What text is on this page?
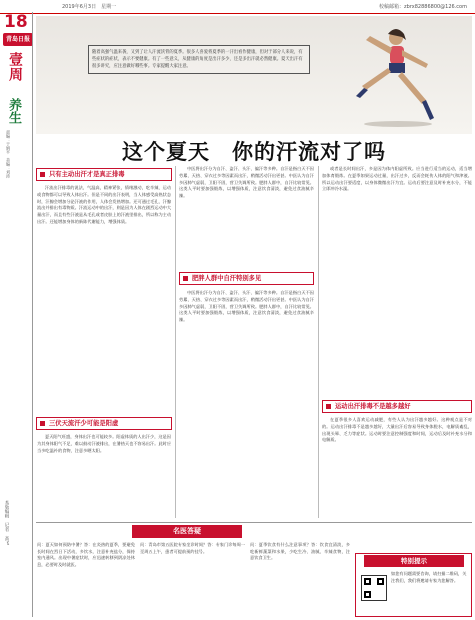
2019年6月3日　星期一	校稿邮箱：zbrx82886800@126.com
18
青岛日报
壹周
养生
责编：于娟平　美编：刘沛
本版编辑　记者　高飞
随着高强气温来袭，又到了让人汗流浃背的夏季。很多人喜爱将夏季的一汗出看作健康，但对于部分人来说，有些症状的症状，表示不要健康。有了一些意义，从健康的角度是出汗多少，还是多出汗就必然健康。夏天出汗有很多讲究，应注意做好哪些事。专家提醒大家注意。
这个夏天　你的汗流对了吗
只有主动出汗才是真正排毒

汗流出汗排毒的说法，气温高，精神紧张，情绪激动，吃辛辣、运动或食物都可以导致人体出汗。但是不同的出汗表明，当人体感受高热状态时，汗腺会增加分泌汗液的作用，人体会发热增加。还可通过毛孔、汗腺流出并排出有毒物质。汗流运动中的出汗，则是因为人体在剧烈运动中大量出汗，而且有些汗液是从毛孔或者皮肤上的汗液里排出，所以称为主动出汗。还能增加身体的新陈代谢能力，增强体质。

三伏天流汗少可能是阳虚

夏天阳气旺盛，身体出汗也可能较多。阳虚体质的人出汗少，这是因为其身体阳气不足，难以鼓动汗液排出，在暑热天也不容易出汗。此时应当多吃温补的食物，注意多晒太阳。

中医将出汗分为自汗、盗汗、头汗、偏汗等多种。自汗是指白天不因劳累、天热、穿衣过多等因素而出汗，稍微活动汗出更甚。中医认为自汗多因肺气虚弱，卫阳不固，营卫失调所致。肥胖人群中，自汗比较常见。这类人平时要加强锻炼，以增强体质，注意饮食清淡，避免过食油腻辛辣。

肥胖人群中自汗特别多见

中医将出汗分为自汗、盗汗、头汗、偏汗等多种。自汗是指白天不因劳累、天热、穿衣过多等因素而出汗，稍微活动汗出更甚。中医认为自汗多因肺气虚弱，卫阳不固，营卫失调所致。肥胖人群中，自汗比较常见。这类人平时要加强锻炼，以增强体质，注意饮食清淡，避免过食油腻辛辣。

或者是长时间出汗，多是因为体内阳虚所致。应当进行适当的运动，适当增加体育锻炼。在夏季如果运动过量，出汗过多，反而会耗伤人体的阳气和津液。所以运动出汗要适度，以身体微微出汗为宜。运动后要注意及时补充水分，不能立即冲冷水澡。

运动出汗排毒不是越多越好

在夏季很多人喜欢运动减肥，有些人认为出汗越多越好。这种观点是不对的。运动出汗排毒不是越多越好，大量出汗后容易导致身体脱水，电解质紊乱，出现头晕、乏力等症状。运动时要注意控制强度和时间，运动后及时补充水分和电解质。

名医答疑
问：夏天如何预防中暑？答：在炎热的夏季，要避免长时间在烈日下活动，多饮水，注意补充盐分，保持室内通风。出现中暑症状时，应迅速转移到阴凉处休息，必要时及时就医。
问：青岛市第五医院专家坐诊时间？答：专家门诊每周一至周五上午，患者可提前预约挂号。
问：夏季饮食有什么注意事项？答：饮食宜清淡，多吃新鲜蔬菜和水果，少吃生冷、油腻、辛辣食物，注意饮食卫生。	特别提示
如您有问题需要咨询，请扫描二维码，关注我们，我们将邀请专家为您解答。
